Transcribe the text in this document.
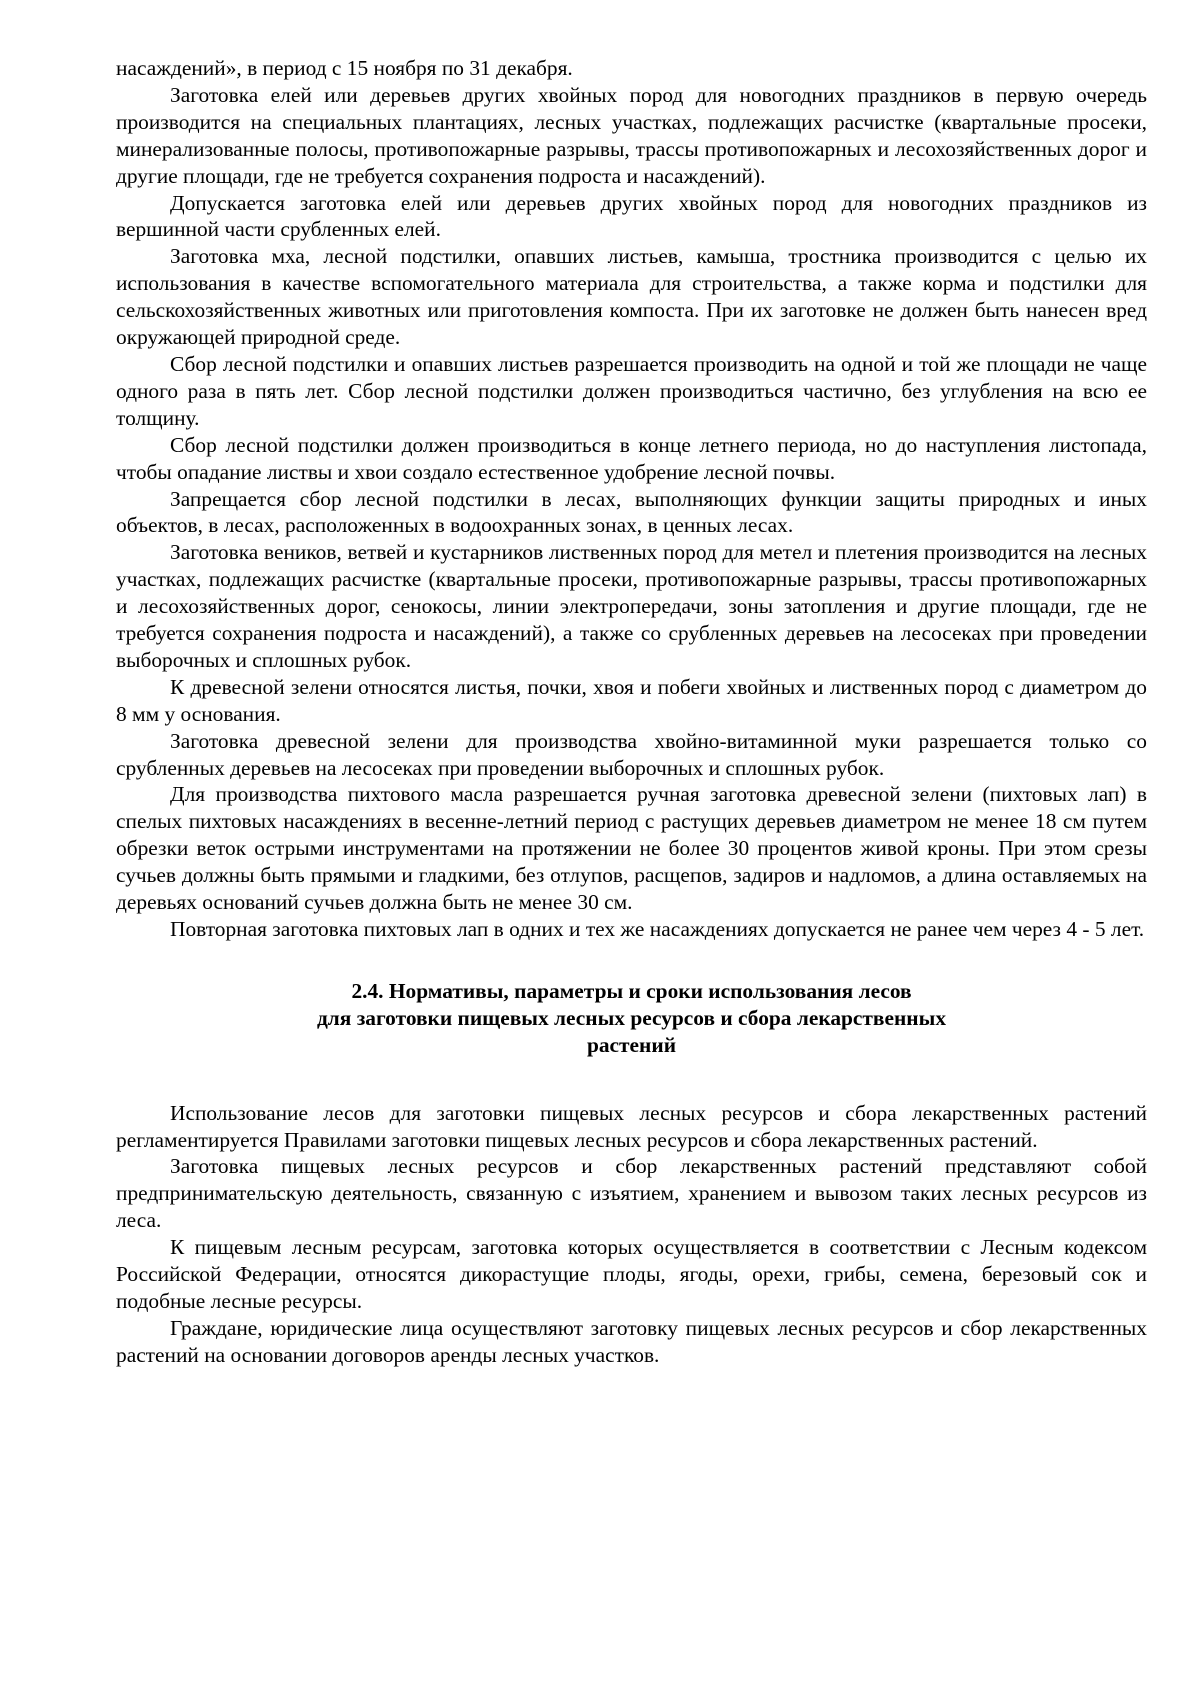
насаждений», в период с 15 ноября по 31 декабря.

Заготовка елей или деревьев других хвойных пород для новогодних праздников в первую очередь производится на специальных плантациях, лесных участках, подлежащих расчистке (квартальные просеки, минерализованные полосы, противопожарные разрывы, трассы противопожарных и лесохозяйственных дорог и другие площади, где не требуется сохранения подроста и насаждений).

Допускается заготовка елей или деревьев других хвойных пород для новогодних праздников из вершинной части срубленных елей.

Заготовка мха, лесной подстилки, опавших листьев, камыша, тростника производится с целью их использования в качестве вспомогательного материала для строительства, а также корма и подстилки для сельскохозяйственных животных или приготовления компоста. При их заготовке не должен быть нанесен вред окружающей природной среде.

Сбор лесной подстилки и опавших листьев разрешается производить на одной и той же площади не чаще одного раза в пять лет. Сбор лесной подстилки должен производиться частично, без углубления на всю ее толщину.

Сбор лесной подстилки должен производиться в конце летнего периода, но до наступления листопада, чтобы опадание листвы и хвои создало естественное удобрение лесной почвы.

Запрещается сбор лесной подстилки в лесах, выполняющих функции защиты природных и иных объектов, в лесах, расположенных в водоохранных зонах, в ценных лесах.

Заготовка веников, ветвей и кустарников лиственных пород для метел и плетения производится на лесных участках, подлежащих расчистке (квартальные просеки, противопожарные разрывы, трассы противопожарных и лесохозяйственных дорог, сенокосы, линии электропередачи, зоны затопления и другие площади, где не требуется сохранения подроста и насаждений), а также со срубленных деревьев на лесосеках при проведении выборочных и сплошных рубок.

К древесной зелени относятся листья, почки, хвоя и побеги хвойных и лиственных пород с диаметром до 8 мм у основания.

Заготовка древесной зелени для производства хвойно-витаминной муки разрешается только со срубленных деревьев на лесосеках при проведении выборочных и сплошных рубок.

Для производства пихтового масла разрешается ручная заготовка древесной зелени (пихтовых лап) в спелых пихтовых насаждениях в весенне-летний период с растущих деревьев диаметром не менее 18 см путем обрезки веток острыми инструментами на протяжении не более 30 процентов живой кроны. При этом срезы сучьев должны быть прямыми и гладкими, без отлупов, расщепов, задиров и надломов, а длина оставляемых на деревьях оснований сучьев должна быть не менее 30 см.

Повторная заготовка пихтовых лап в одних и тех же насаждениях допускается не ранее чем через 4 - 5 лет.

2.4. Нормативы, параметры и сроки использования лесов
для заготовки пищевых лесных ресурсов и сбора лекарственных
растений

Использование лесов для заготовки пищевых лесных ресурсов и сбора лекарственных растений регламентируется Правилами заготовки пищевых лесных ресурсов и сбора лекарственных растений.

Заготовка пищевых лесных ресурсов и сбор лекарственных растений представляют собой предпринимательскую деятельность, связанную с изъятием, хранением и вывозом таких лесных ресурсов из леса.

К пищевым лесным ресурсам, заготовка которых осуществляется в соответствии с Лесным кодексом Российской Федерации, относятся дикорастущие плоды, ягоды, орехи, грибы, семена, березовый сок и подобные лесные ресурсы.

Граждане, юридические лица осуществляют заготовку пищевых лесных ресурсов и сбор лекарственных растений на основании договоров аренды лесных участков.
